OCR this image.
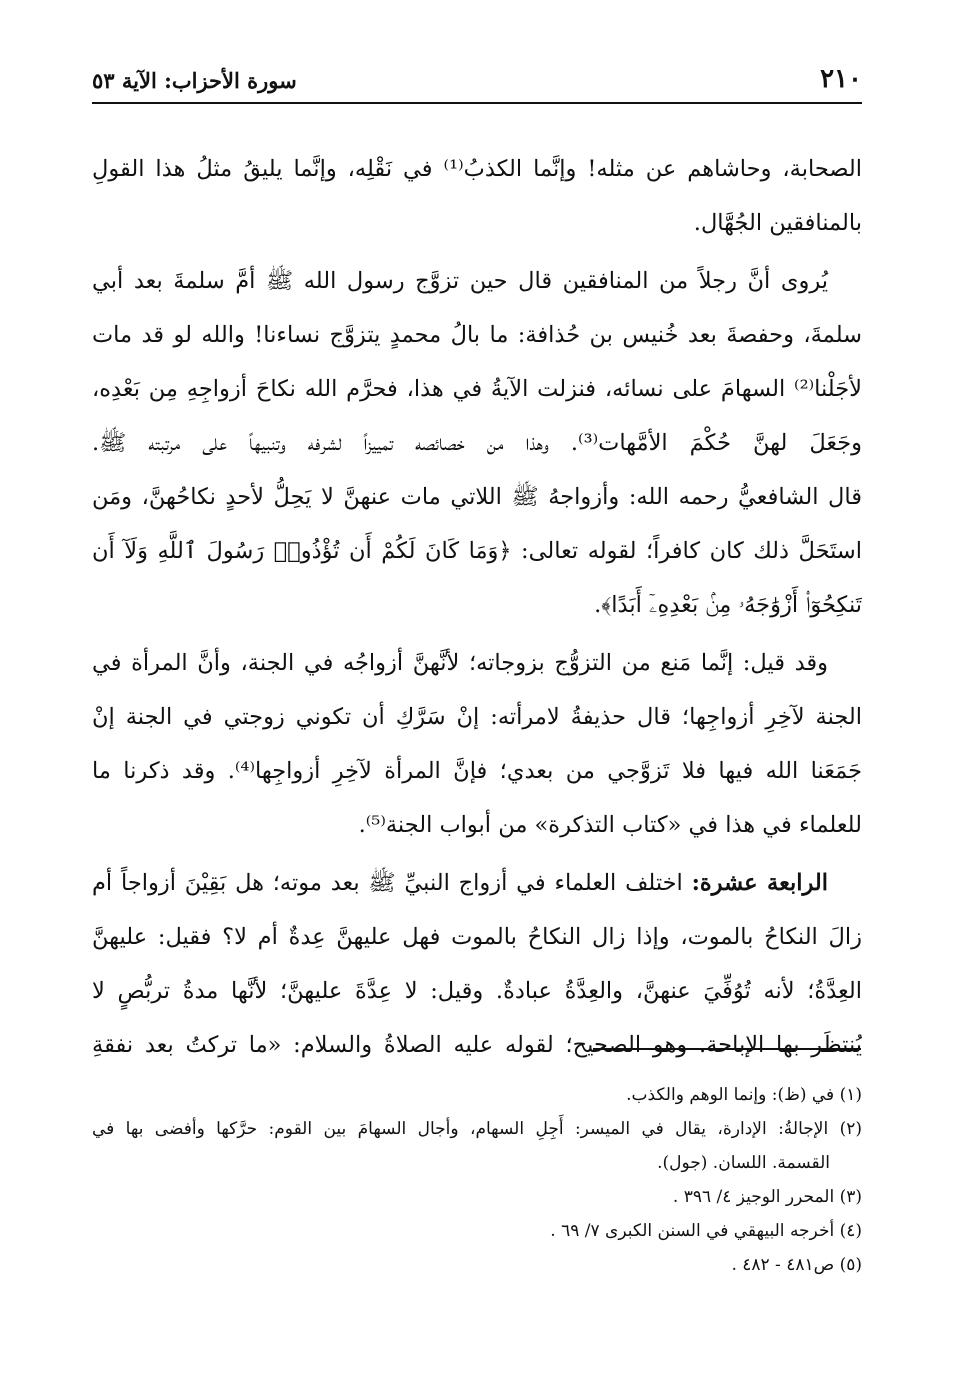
٢١٠
سورة الأحزاب: الآية ٥٣
الصحابة، وحاشاهم عن مثله! وإنَّما الكذبُ⁽¹⁾ في نَقْلِه، وإنَّما يليقُ مثلُ هذا القولِ
بالمنافقين الجُهَّال.
يُروى أنَّ رجلاً من المنافقين قال حين تزوَّج رسول الله ﷺ أمَّ سلمةَ بعد أبي
سلمةَ، وحفصةَ بعد خُنيس بن حُذافة: ما بالُ محمدٍ يتزوَّج نساءنا! والله لو قد مات
لأجَلْنا⁽²⁾ السهامَ على نسائه، فنزلت الآيةُ في هذا، فحرَّم الله نكاحَ أزواجِهِ مِن بَعْدِه،
وجَعَلَ لهنَّ حُكْمَ الأمَّهات⁽³⁾. وهذا من خصائصه تمييزاً لشرفه وتنبيهاً على مرتبته ﷺ.
قال الشافعيُّ رحمه الله: وأزواجهُ ﷺ اللاتي مات عنهنَّ لا يَحِلُّ لأحدٍ نكاحُهنَّ، ومَن
استَحَلَّ ذلك كان كافراً؛ لقوله تعالى: ﴿وَمَا كَانَ لَكُمْ أَن تُؤْذُوا۟ رَسُولَ ٱللَّهِ وَلَآ أَن
تَنكِحُوٓا۟ أَزْوَٰجَهُۥ مِنۢ بَعْدِهِۦٓ أَبَدًا﴾.
وقد قيل: إنَّما مَنع من التزوُّج بزوجاته؛ لأنَّهنَّ أزواجُه في الجنة، وأنَّ المرأة في
الجنة لآخِرِ أزواجِها؛ قال حذيفةُ لامرأته: إنْ سَرَّكِ أن تكوني زوجتي في الجنة إنْ
جَمَعَنا الله فيها فلا تَزوَّجي من بعدي؛ فإنَّ المرأة لآخِرِ أزواجِها⁽⁴⁾. وقد ذكرنا ما
للعلماء في هذا في «كتاب التذكرة» من أبواب الجنة⁽⁵⁾.
الرابعة عشرة: اختلف العلماء في أزواج النبيِّ ﷺ بعد موته؛ هل بَقِيْنَ أزواجاً أم
زالَ النكاحُ بالموت، وإذا زال النكاحُ بالموت فهل عليهنَّ عِدةٌ أم لا؟ فقيل: عليهنَّ
العِدَّةُ؛ لأنه تُوُفِّيَ عنهنَّ، والعِدَّةُ عبادةٌ. وقيل: لا عِدَّةَ عليهنَّ؛ لأنَّها مدةُ تربُّصٍ لا
يُنتظَر بها الإباحة. وهو الصحيح؛ لقوله عليه الصلاةُ والسلام: «ما تركتُ بعد نفقةِ
(١) في (ظ): وإنما الوهم والكذب.
(٢) الإجالةُ: الإدارة، يقال في الميسر: أَجِلِ السهام، وأجال السهامَ بين القوم: حرَّكها وأفضى بها في
القسمة. اللسان. (جول).
(٣) المحرر الوجيز ٤/ ٣٩٦ .
(٤) أخرجه البيهقي في السنن الكبرى ٧/ ٦٩ .
(٥) ص٤٨١ - ٤٨٢ .
